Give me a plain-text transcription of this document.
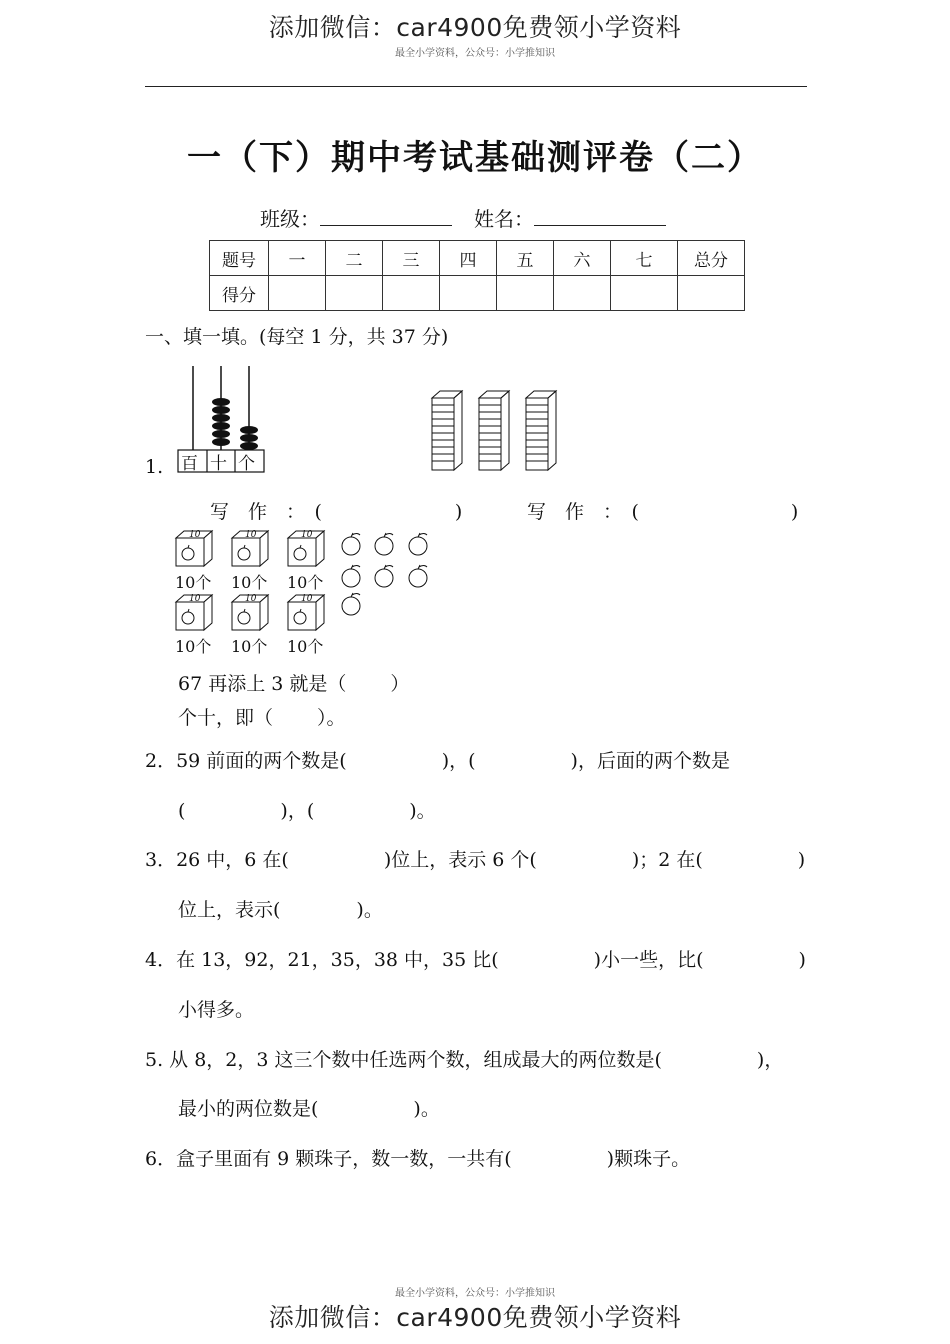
添加微信：car4900免费领小学资料
最全小学资料，公众号：小学推知识
一（下）期中考试基础测评卷（二）
班级：	姓名：
题号	一	二	三	四	五	六	七	总分
得分								
一、填一填。(每空 1 分，共 37 分)
1. 百 十 个
写　作　：　(　　　　　　　)	写　作　：　(　　　　　　　　)
10	10	10
10	10	10
10个 10个 10个
10个 10个 10个
67 再添上 3 就是（　　 ）
个十，即（　　 ）。
2．59 前面的两个数是(　　　　　)，(　　　　　)，后面的两个数是
(　　　　　)，(　　　　　)。
3．26 中，6 在(　　　　　)位上，表示 6 个(　　　　　)；2 在(　　　　　)
位上，表示(　　　　)。
4．在 13，92，21，35，38 中，35 比(　　　　　)小一些，比(　　　　　)
小得多。
5. 从 8，2，3 这三个数中任选两个数，组成最大的两位数是(　　　　　)，
最小的两位数是(　　　　　)。
6．盒子里面有 9 颗珠子，数一数，一共有(　　　　　)颗珠子。
最全小学资料，公众号：小学推知识
添加微信：car4900免费领小学资料
